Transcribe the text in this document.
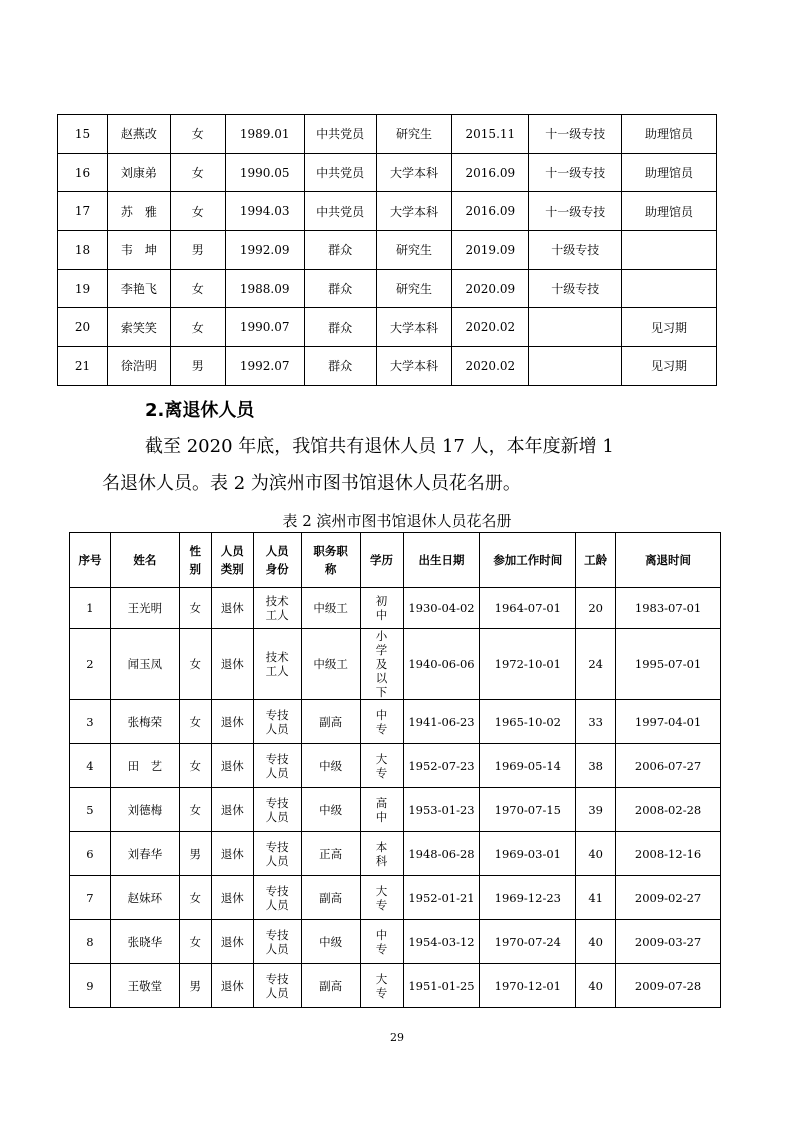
15	赵燕改	女	1989.01	中共党员	研究生	2015.11	十一级专技	助理馆员
16	刘康弟	女	1990.05	中共党员	大学本科	2016.09	十一级专技	助理馆员
17	苏　雅	女	1994.03	中共党员	大学本科	2016.09	十一级专技	助理馆员
18	韦　坤	男	1992.09	群众	研究生	2019.09	十级专技	
19	李艳飞	女	1988.09	群众	研究生	2020.09	十级专技	
20	索笑笑	女	1990.07	群众	大学本科	2020.02		见习期
21	徐浩明	男	1992.07	群众	大学本科	2020.02		见习期
2.离退休人员
截至 2020 年底，我馆共有退休人员 17 人，本年度新增 1
名退休人员。表 2 为滨州市图书馆退休人员花名册。
表 2 滨州市图书馆退休人员花名册
序号	姓名	性别	人员类别	人员身份	职务职称	学历	出生日期	参加工作时间	工龄	离退时间
1	王光明	女	退休	技术工人	中级工	初中	1930-04-02	1964-07-01	20	1983-07-01
2	闻玉凤	女	退休	技术工人	中级工	小学及以下	1940-06-06	1972-10-01	24	1995-07-01
3	张梅荣	女	退休	专技人员	副高	中专	1941-06-23	1965-10-02	33	1997-04-01
4	田　艺	女	退休	专技人员	中级	大专	1952-07-23	1969-05-14	38	2006-07-27
5	刘德梅	女	退休	专技人员	中级	高中	1953-01-23	1970-07-15	39	2008-02-28
6	刘春华	男	退休	专技人员	正高	本科	1948-06-28	1969-03-01	40	2008-12-16
7	赵妹环	女	退休	专技人员	副高	大专	1952-01-21	1969-12-23	41	2009-02-27
8	张晓华	女	退休	专技人员	中级	中专	1954-03-12	1970-07-24	40	2009-03-27
9	王敬堂	男	退休	专技人员	副高	大专	1951-01-25	1970-12-01	40	2009-07-28
29
